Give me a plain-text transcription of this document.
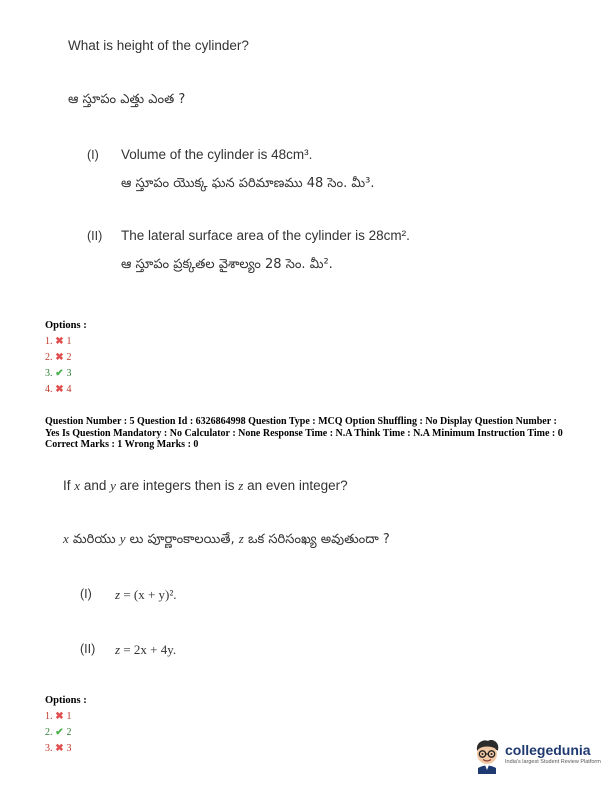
What is height of the cylinder?
ఆ స్తూపం ఎత్తు ఎంత ?
(I) Volume of the cylinder is 48cm³.
ఆ స్తూపం యొక్క ఘన పరిమాణము 48 సెం. మీ³.
(II) The lateral surface area of the cylinder is 28cm².
ఆ స్తూపం ప్రక్కతల వైశాల్యం 28 సెం. మీ².
Options :
1. ✖ 1
2. ✖ 2
3. ✔ 3
4. ✖ 4
Question Number : 5 Question Id : 6326864998 Question Type : MCQ Option Shuffling : No Display Question Number : Yes Is Question Mandatory : No Calculator : None Response Time : N.A Think Time : N.A Minimum Instruction Time : 0
Correct Marks : 1 Wrong Marks : 0
If x and y are integers then is z an even integer?
x మరియు y లు పూర్ణాంకాలయితే, z ఒక సరిసంఖ్య అవుతుందా ?
(I) z = (x + y)².
(II) z = 2x + 4y.
Options :
1. ✖ 1
2. ✔ 2
3. ✖ 3	collegedunia
India's largest Student Review Platform
